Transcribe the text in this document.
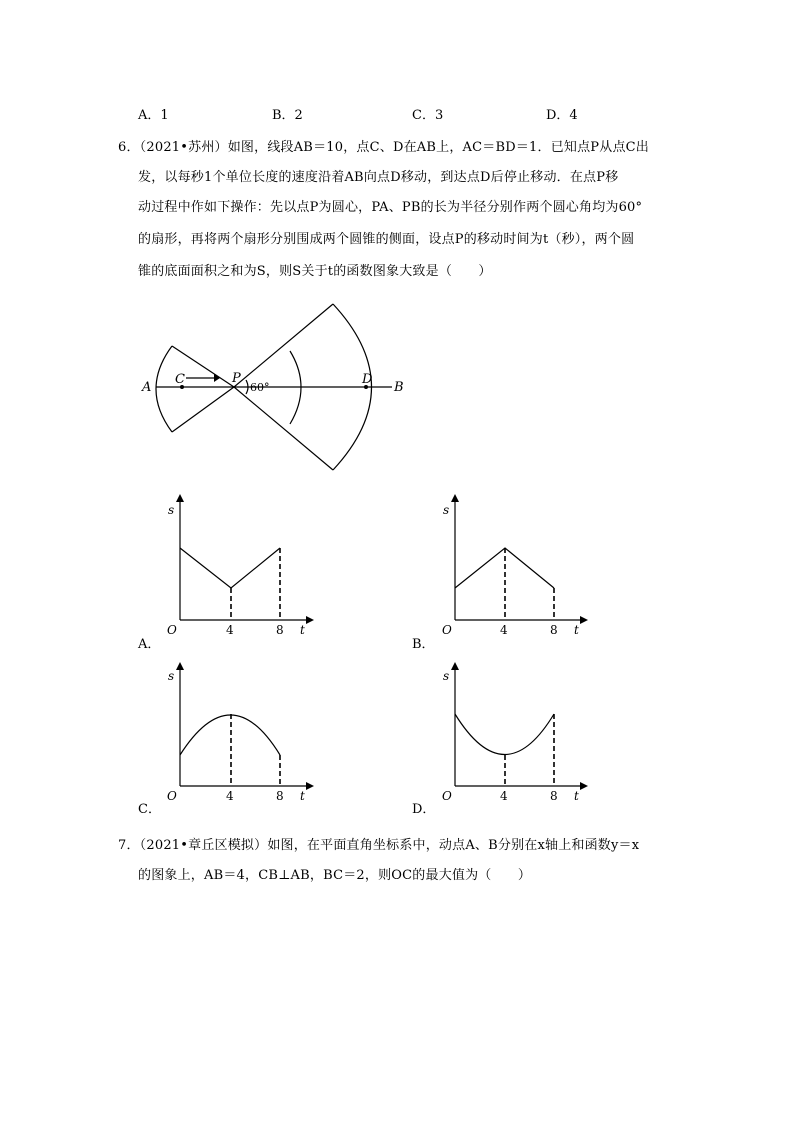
A．1	B．2	C．3	D．4
6．（2021•苏州）如图，线段AB＝10，点C、D在AB上，AC＝BD＝1．已知点P从点C出
发，以每秒1个单位长度的速度沿着AB向点D移动，到达点D后停止移动．在点P移
动过程中作如下操作：先以点P为圆心，PA、PB的长为半径分别作两个圆心角均为60°
的扇形，再将两个扇形分别围成两个圆锥的侧面，设点P的移动时间为t（秒），两个圆
锥的底面面积之和为S，则S关于t的函数图象大致是（　　）
A
C	P
60°
D
B
s
O	4	8 t
A．
s
O	4	8 t
B．
s
O	4	8 t
C．
s
O	4	8 t
D．
7．（2021•章丘区模拟）如图，在平面直角坐标系中，动点A、B分别在x轴上和函数y＝x
的图象上，AB＝4，CB⊥AB，BC＝2，则OC的最大值为（　　）
